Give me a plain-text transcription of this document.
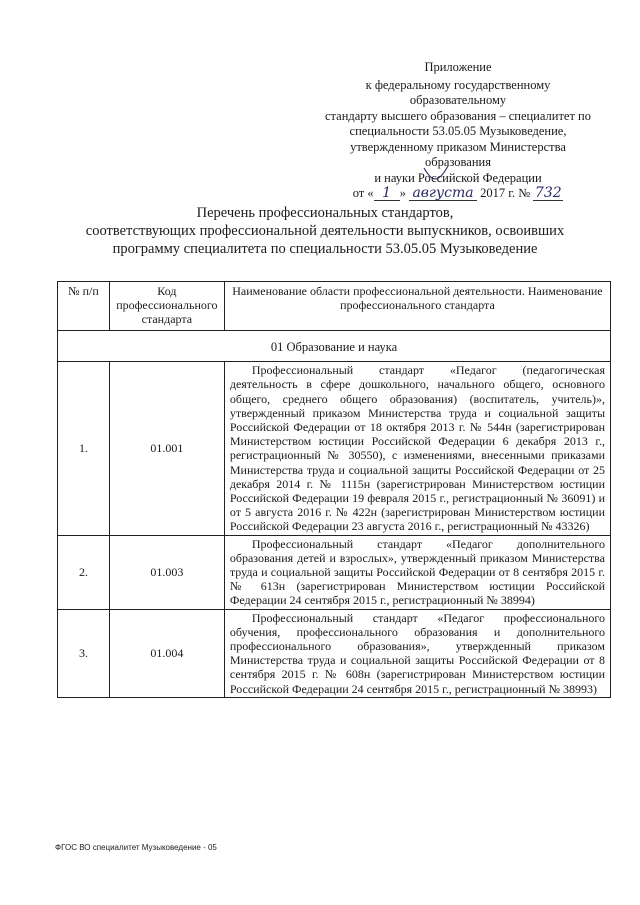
Приложение
к федеральному государственному образовательному
стандарту высшего образования – специалитет по
специальности 53.05.05 Музыковедение,
утвержденному приказом Министерства образования
и науки Российской Федерации
от « 1 » августа 2017 г. № 732
Перечень профессиональных стандартов,
соответствующих профессиональной деятельности выпускников, освоивших
программу специалитета по специальности 53.05.05 Музыковедение
№ п/п	Код профессионального стандарта	Наименование области профессиональной деятельности. Наименование профессионального стандарта
01 Образование и наука		
1.	01.001	Профессиональный стандарт «Педагог (педагогическая деятельность в сфере дошкольного, начального общего, основного общего, среднего общего образования) (воспитатель, учитель)», утвержденный приказом Министерства труда и социальной защиты Российской Федерации от 18 октября 2013 г. № 544н (зарегистрирован Министерством юстиции Российской Федерации 6 декабря 2013 г., регистрационный № 30550), с изменениями, внесенными приказами Министерства труда и социальной защиты Российской Федерации от 25 декабря 2014 г. № 1115н (зарегистрирован Министерством юстиции Российской Федерации 19 февраля 2015 г., регистрационный № 36091) и от 5 августа 2016 г. № 422н (зарегистрирован Министерством юстиции Российской Федерации 23 августа 2016 г., регистрационный № 43326)
2.	01.003	Профессиональный стандарт «Педагог дополнительного образования детей и взрослых», утвержденный приказом Министерства труда и социальной защиты Российской Федерации от 8 сентября 2015 г. № 613н (зарегистрирован Министерством юстиции Российской Федерации 24 сентября 2015 г., регистрационный № 38994)
3.	01.004	Профессиональный стандарт «Педагог профессионального обучения, профессионального образования и дополнительного профессионального образования», утвержденный приказом Министерства труда и социальной защиты Российской Федерации от 8 сентября 2015 г. № 608н (зарегистрирован Министерством юстиции Российской Федерации 24 сентября 2015 г., регистрационный № 38993)
ФГОС ВО специалитет Музыковедение - 05
